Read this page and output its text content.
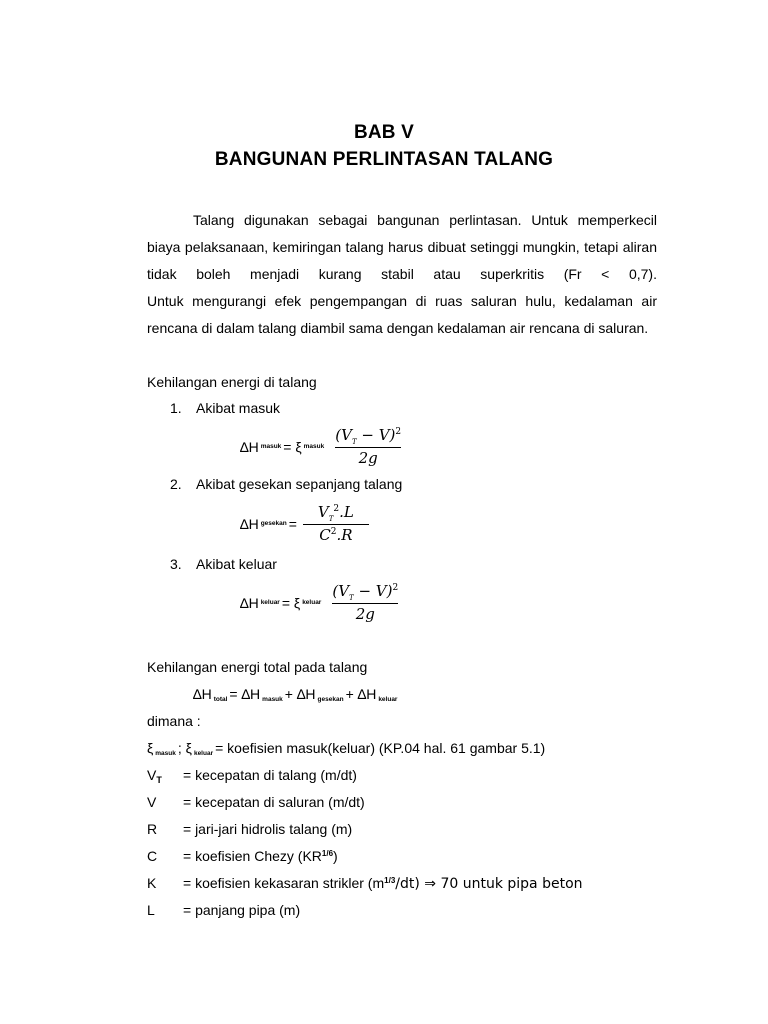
BAB V
BANGUNAN PERLINTASAN TALANG

Talang digunakan sebagai bangunan perlintasan. Untuk memperkecil biaya pelaksanaan, kemiringan talang harus dibuat setinggi mungkin, tetapi aliran tidak boleh menjadi kurang stabil atau superkritis (Fr < 0,7).

Untuk mengurangi efek pengempangan di ruas saluran hulu, kedalaman air rencana di dalam talang diambil sama dengan kedalaman air rencana di saluran.

Kehilangan energi di talang
1. Akibat masuk
∆H masuk = ξ masuk $\frac{(V_T - V)^2}{2g}$
2. Akibat gesekan sepanjang talang
∆H gesekan = $\frac{V_T^2.L}{C^2.R}$
3. Akibat keluar
∆H keluar = ξ keluar $\frac{(V_T - V)^2}{2g}$
Kehilangan energi total pada talang
∆H $_{total}$ = ∆H $_{masuk}$ + ∆H $_{gesekan}$ + ∆H $_{keluar}$
dimana :
ξ $_{masuk}$ ; ξ $_{keluar}$ = koefisien masuk(keluar) (KP.04 hal. 61 gambar 5.1)
$V_T$ = kecepatan di talang (m/dt)
V = kecepatan di saluran (m/dt)
R = jari-jari hidrolis talang (m)
C = koefisien Chezy $(KR^{1/6})$
K = koefisien kekasaran strikler $(m^{1/3}/dt)$ ⇒ 70 untuk pipa beton
L = panjang pipa (m)
